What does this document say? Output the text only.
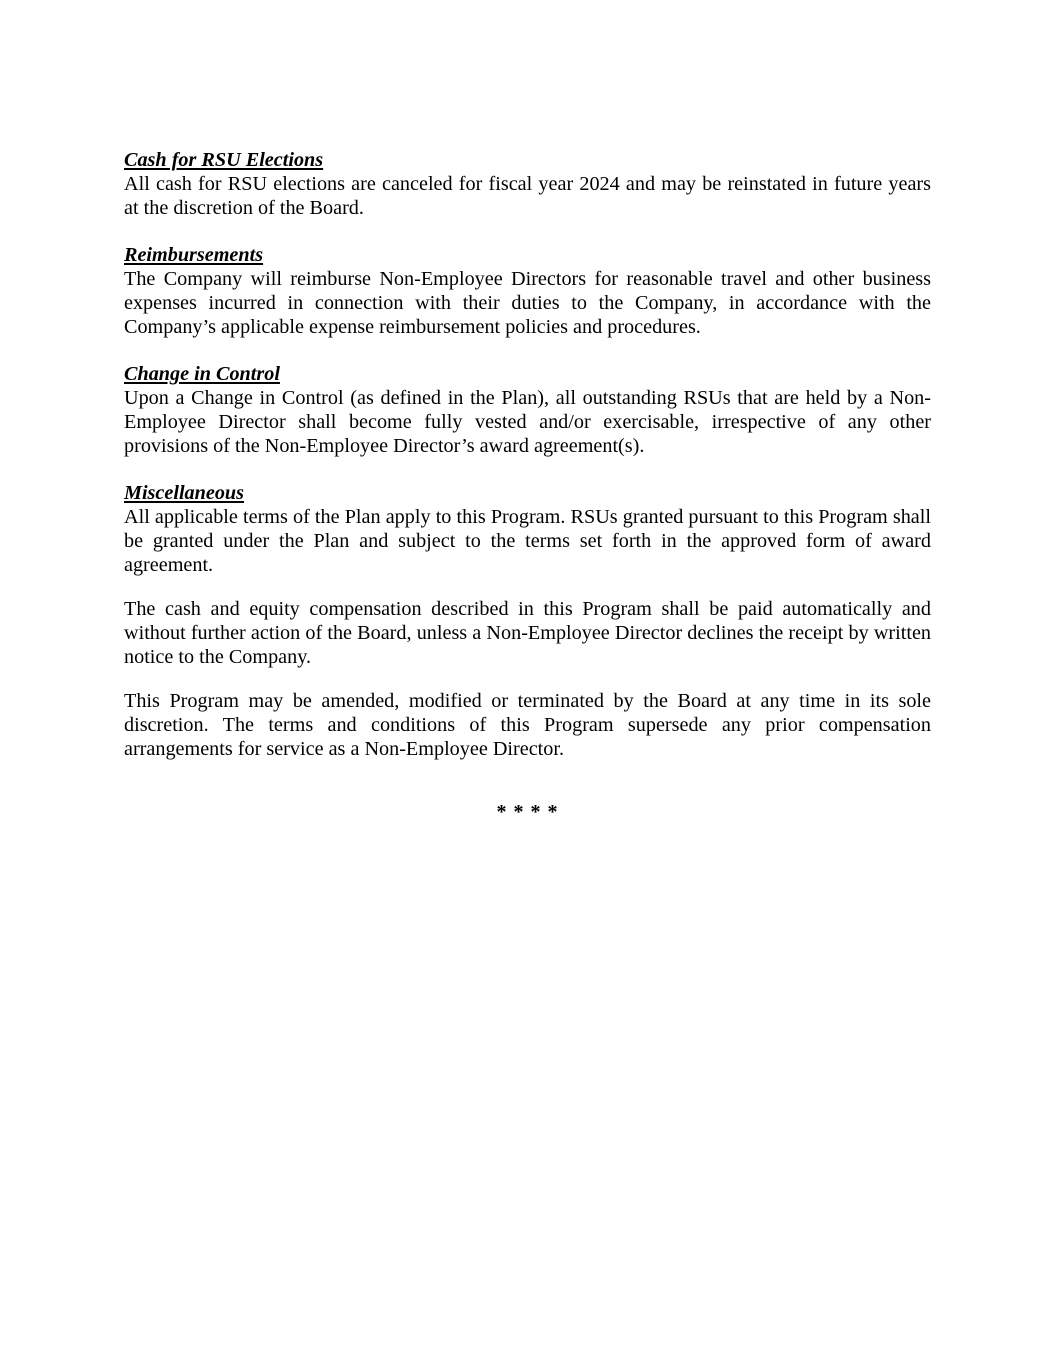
Cash for RSU Elections

All cash for RSU elections are canceled for fiscal year 2024 and may be reinstated in future years at the discretion of the Board.

Reimbursements

The Company will reimburse Non-Employee Directors for reasonable travel and other business expenses incurred in connection with their duties to the Company, in accordance with the Company’s applicable expense reimbursement policies and procedures.

Change in Control

Upon a Change in Control (as defined in the Plan), all outstanding RSUs that are held by a Non-Employee Director shall become fully vested and/or exercisable, irrespective of any other provisions of the Non-Employee Director’s award agreement(s).

Miscellaneous

All applicable terms of the Plan apply to this Program. RSUs granted pursuant to this Program shall be granted under the Plan and subject to the terms set forth in the approved form of award agreement.

The cash and equity compensation described in this Program shall be paid automatically and without further action of the Board, unless a Non-Employee Director declines the receipt by written notice to the Company.

This Program may be amended, modified or terminated by the Board at any time in its sole discretion. The terms and conditions of this Program supersede any prior compensation arrangements for service as a Non-Employee Director.

* * * *
